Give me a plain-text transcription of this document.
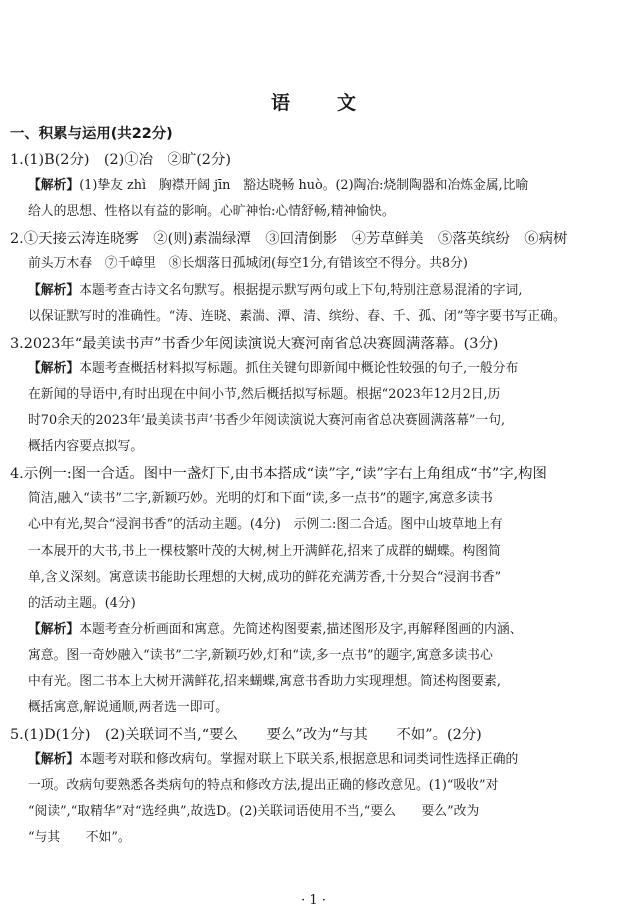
语　文
一、积累与运用(共22分)
1.(1)B(2分)　(2)①冶　②旷(2分)
【解析】(1)挚友 zhì　胸襟开阔 jīn　豁达晓畅 huò。(2)陶冶:烧制陶器和冶炼金属,比喻
给人的思想、性格以有益的影响。心旷神怡:心情舒畅,精神愉快。
2.①天接云涛连晓雾　②(则)素湍绿潭　③回清倒影　④芳草鲜美　⑤落英缤纷　⑥病树
前头万木春　⑦千嶂里　⑧长烟落日孤城闭(每空1分,有错该空不得分。共8分)
【解析】本题考查古诗文名句默写。根据提示默写两句或上下句,特别注意易混淆的字词,
以保证默写时的准确性。“涛、连晓、素湍、潭、清、缤纷、春、千、孤、闭”等字要书写正确。
3.2023年“最美读书声”书香少年阅读演说大赛河南省总决赛圆满落幕。(3分)
【解析】本题考查概括材料拟写标题。抓住关键句即新闻中概论性较强的句子,一般分布
在新闻的导语中,有时出现在中间小节,然后概括拟写标题。根据“2023年12月2日,历
时70余天的2023年‘最美读书声’书香少年阅读演说大赛河南省总决赛圆满落幕”一句,
概括内容要点拟写。
4.示例一:图一合适。图中一盏灯下,由书本搭成“读”字,“读”字右上角组成“书”字,构图
简洁,融入“读书”二字,新颖巧妙。光明的灯和下面“读,多一点书”的题字,寓意多读书
心中有光,契合“浸润书香”的活动主题。(4分)　示例二:图二合适。图中山坡草地上有
一本展开的大书,书上一棵枝繁叶茂的大树,树上开满鲜花,招来了成群的蝴蝶。构图简
单,含义深刻。寓意读书能助长理想的大树,成功的鲜花充满芳香,十分契合“浸润书香”
的活动主题。(4分)
【解析】本题考查分析画面和寓意。先简述构图要素,描述图形及字,再解释图画的内涵、
寓意。图一奇妙融入“读书”二字,新颖巧妙,灯和“读,多一点书”的题字,寓意多读书心
中有光。图二书本上大树开满鲜花,招来蝴蝶,寓意书香助力实现理想。简述构图要素,
概括寓意,解说通顺,两者选一即可。
5.(1)D(1分)　(2)关联词不当,“要么　　要么”改为“与其　　不如”。(2分)
【解析】本题考对联和修改病句。掌握对联上下联关系,根据意思和词类词性选择正确的
一项。改病句要熟悉各类病句的特点和修改方法,提出正确的修改意见。(1)“吸收”对
“阅读”,“取精华”对“选经典”,故选D。(2)关联词语使用不当,“要么　　要么”改为
“与其　　不如”。
· 1 ·
